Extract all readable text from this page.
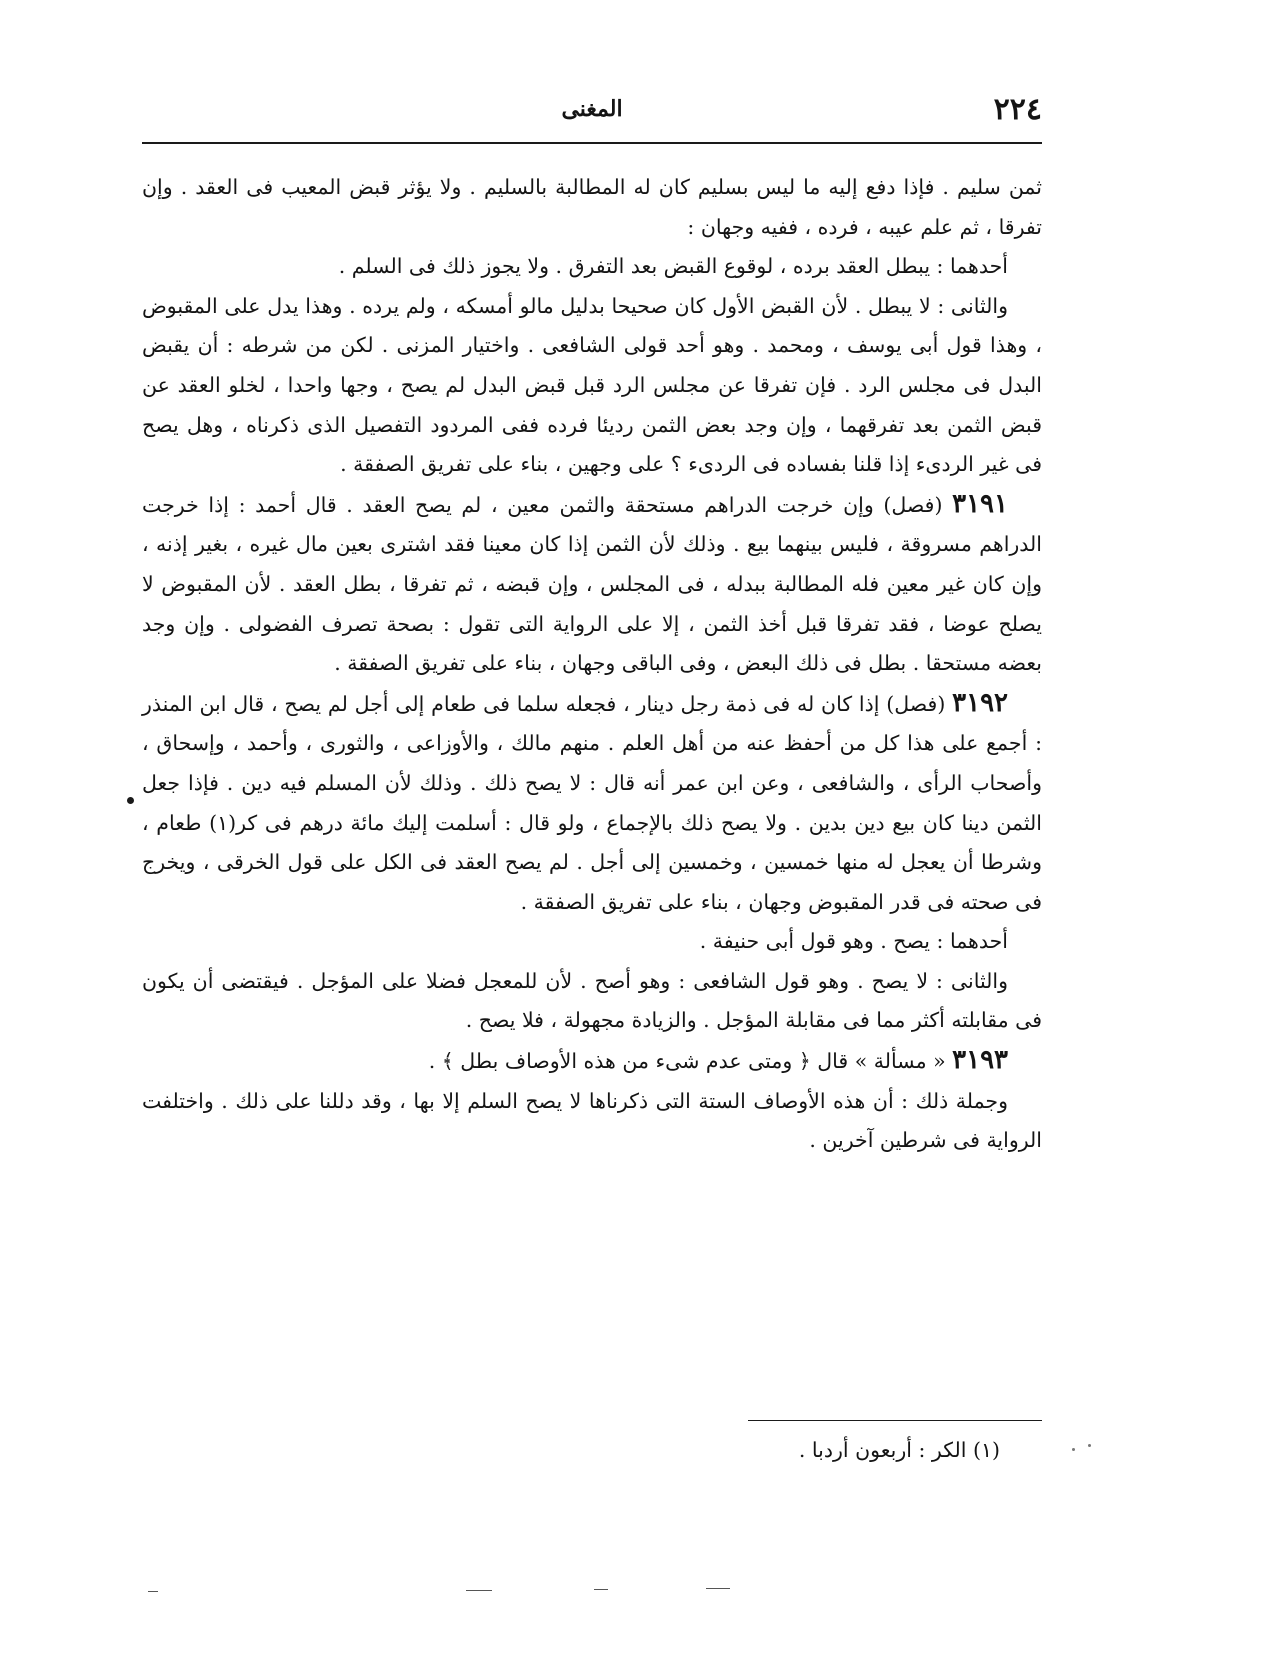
٢٢٤
المغنى

ثمن سليم . فإذا دفع إليه ما ليس بسليم كان له المطالبة بالسليم . ولا يؤثر قبض المعيب فى العقد . وإن تفرقا ، ثم علم عيبه ، فرده ، ففيه وجهان :

أحدهما : يبطل العقد برده ، لوقوع القبض بعد التفرق . ولا يجوز ذلك فى السلم .

والثانى : لا يبطل . لأن القبض الأول كان صحيحا بدليل مالو أمسكه ، ولم يرده . وهذا يدل على المقبوض ، وهذا قول أبى يوسف ، ومحمد . وهو أحد قولى الشافعى . واختيار المزنى . لكن من شرطه : أن يقبض البدل فى مجلس الرد . فإن تفرقا عن مجلس الرد قبل قبض البدل لم يصح ، وجها واحدا ، لخلو العقد عن قبض الثمن بعد تفرقهما ، وإن وجد بعض الثمن رديئا فرده ففى المردود التفصيل الذى ذكرناه ، وهل يصح فى غير الردىء إذا قلنا بفساده فى الردىء ؟ على وجهين ، بناء على تفريق الصفقة .

٣١٩١ (فصل) وإن خرجت الدراهم مستحقة والثمن معين ، لم يصح العقد . قال أحمد : إذا خرجت الدراهم مسروقة ، فليس بينهما بيع . وذلك لأن الثمن إذا كان معينا فقد اشترى بعين مال غيره ، بغير إذنه ، وإن كان غير معين فله المطالبة ببدله ، فى المجلس ، وإن قبضه ، ثم تفرقا ، بطل العقد . لأن المقبوض لا يصلح عوضا ، فقد تفرقا قبل أخذ الثمن ، إلا على الرواية التى تقول : بصحة تصرف الفضولى . وإن وجد بعضه مستحقا . بطل فى ذلك البعض ، وفى الباقى وجهان ، بناء على تفريق الصفقة .

٣١٩٢ (فصل) إذا كان له فى ذمة رجل دينار ، فجعله سلما فى طعام إلى أجل لم يصح ، قال ابن المنذر : أجمع على هذا كل من أحفظ عنه من أهل العلم . منهم مالك ، والأوزاعى ، والثورى ، وأحمد ، وإسحاق ، وأصحاب الرأى ، والشافعى ، وعن ابن عمر أنه قال : لا يصح ذلك . وذلك لأن المسلم فيه دين . فإذا جعل الثمن دينا كان بيع دين بدين . ولا يصح ذلك بالإجماع ، ولو قال : أسلمت إليك مائة درهم فى كر(١) طعام ، وشرطا أن يعجل له منها خمسين ، وخمسين إلى أجل . لم يصح العقد فى الكل على قول الخرقى ، ويخرج فى صحته فى قدر المقبوض وجهان ، بناء على تفريق الصفقة .

أحدهما : يصح . وهو قول أبى حنيفة .

والثانى : لا يصح . وهو قول الشافعى : وهو أصح . لأن للمعجل فضلا على المؤجل . فيقتضى أن يكون فى مقابلته أكثر مما فى مقابلة المؤجل . والزيادة مجهولة ، فلا يصح .

٣١٩٣ « مسألة » قال ﴿ ومتى عدم شىء من هذه الأوصاف بطل ﴾ .

وجملة ذلك : أن هذه الأوصاف الستة التى ذكرناها لا يصح السلم إلا بها ، وقد دللنا على ذلك . واختلفت الرواية فى شرطين آخرين .

(١) الكر : أربعون أردبا .
